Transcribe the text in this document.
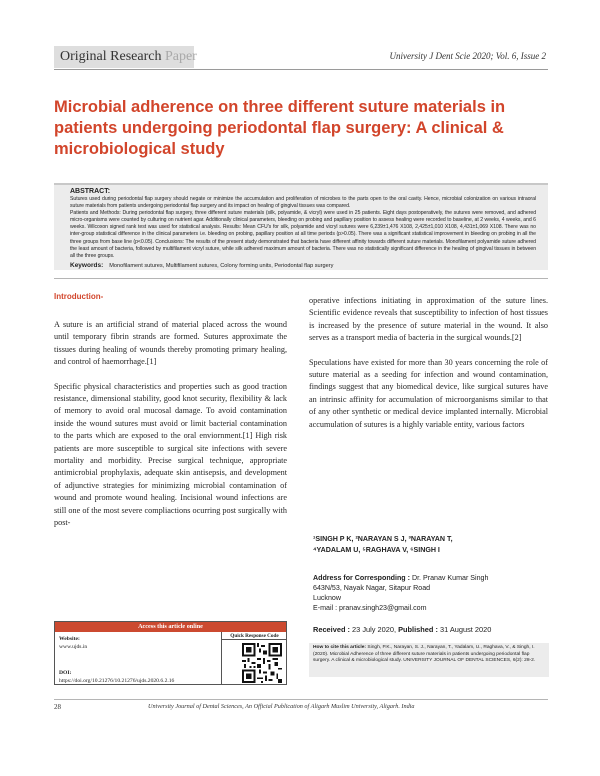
Original Research Paper	University J Dent Scie 2020; Vol. 6, Issue 2
Microbial adherence on three different suture materials in patients undergoing periodontal flap surgery: A clinical & microbiological study
ABSTRACT:
Sutures used during periodontal flap surgery should negate or minimize the accumulation and proliferation of microbes to the parts open to the oral cavity. Hence, microbial colonization on various intraoral suture materials from patients undergoing periodontal flap surgery and its impact on healing of gingival tissues was compared.
Patients and Methods: During periodontal flap surgery, three different suture materials (silk, polyamide, & vicryl) were used in 25 patients. Eight days postoperatively, the sutures were removed, and adhered micro-organisms were counted by culturing on nutrient agar. Additionally clinical parameters, bleeding on probing and papillary position to assess healing were recorded to baseline, at 2 weeks, 4 weeks, and 6 weeks. Wilcoxon signed rank test was used for statistical analysis. Results: Mean CFU's for silk, polyamide and vicryl sutures were 6,239±1,476 X108, 2,425±1,010 X108, 4,431±1,069 X108. There was no inter-group statistical difference in the clinical parameters i.e. bleeding on probing, papillary position at all time periods (p>0.05). There was a significant statistical improvement in bleeding on probing in all the three groups from base line (p<0.05). Conclusions: The results of the present study demonstrated that bacteria have different affinity towards different suture materials. Monofilament polyamide suture adhered the least amount of bacteria, followed by multifilament vicryl suture, while silk adhered maximum amount of bacteria. There was no statistically significant difference in the healing of gingival tissues in between all the three groups.
Keywords: Monofilament sutures, Multifilament sutures, Colony forming units, Periodontal flap surgery
Introduction-

A suture is an artificial strand of material placed across the wound until temporary fibrin strands are formed. Sutures approximate the tissues during healing of wounds thereby promoting primary healing, and control of haemorrhage.[1]

Specific physical characteristics and properties such as good traction resistance, dimensional stability, good knot security, flexibility & lack of memory to avoid oral mucosal damage. To avoid contamination inside the wound sutures must avoid or limit bacterial contamination to the parts which are exposed to the oral enviornment.[1] High risk patients are more susceptible to surgical site infections with severe mortality and morbidity. Precise surgical technique, appropriate antimicrobial prophylaxis, adequate skin antisepsis, and development of adjunctive strategies for minimizing microbial contamination of wound and promote wound healing. Incisional wound infections are still one of the most severe compliactions ocurring post surgically with post-

operative infections initiating in approximation of the suture lines. Scientific evidence reveals that susceptibility to infection of host tissues is increased by the presence of suture material in the wound. It also serves as a transport media of bacteria in the surgical wounds.[2]

Speculations have existed for more than 30 years concerning the role of suture material as a seeding for infection and wound contamination, findings suggest that any biomedical device, like surgical sutures have an intrinsic affinity for accumulation of microorganisms similar to that of any other synthetic or medical device implanted internally. Microbial accumulation of sutures is a highly variable entity, various factors

¹SINGH P K, ²NARAYAN S J, ³NARAYAN T,
⁴YADALAM U, ⁵RAGHAVA V, ⁶SINGH I
Address for Corresponding : Dr. Pranav Kumar Singh
643N/53, Nayak Nagar, Sitapur Road
Lucknow
E-mail : pranav.singh23@gmail.com
Received : 23 July 2020, Published : 31 August 2020
How to cite this article: Singh, P.K., Narayan, S. J., Narayan, T., Yadalam, U., Raghava, V., & Singh, I. (2020). Microbial Adherence of three different suture materials in patients undergoing periodontal flap surgery. A clinical & microbiological study. UNIVERSITY JOURNAL OF DENTAL SCIENCES, 6(2): 28-2.
Access this article online
Website:
www.ujds.in
DOI:
https://doi.org/10.21276/10.21276/ujds.2020.6.2.16
Quick Response Code
28	University Journal of Dental Sciences, An Official Publication of Aligarh Muslim University, Aligarh. India
